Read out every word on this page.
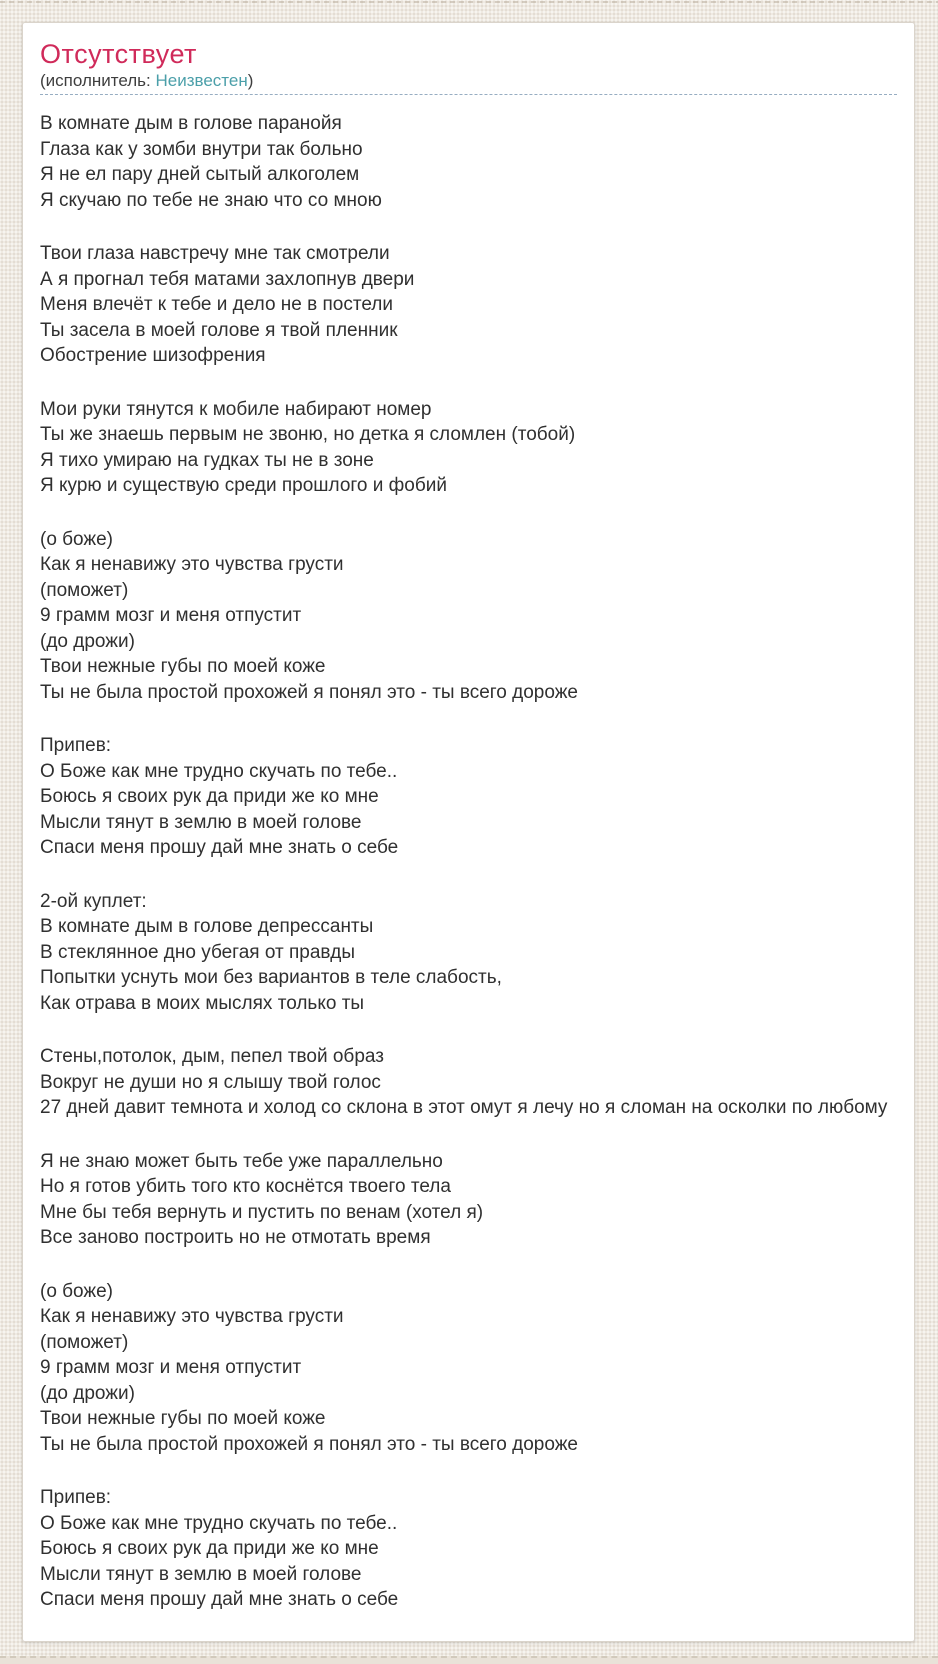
Отсутствует
(исполнитель: Неизвестен)

В комнате дым в голове паранойя
Глаза как у зомби внутри так больно
Я не ел пару дней сытый алкоголем
Я скучаю по тебе не знаю что со мною

Твои глаза навстречу мне так смотрели
А я прогнал тебя матами захлопнув двери
Меня влечёт к тебе и дело не в постели
Ты засела в моей голове я твой пленник
Обострение шизофрения

Мои руки тянутся к мобиле набирают номер
Ты же знаешь первым не звоню, но детка я сломлен (тобой)
Я тихо умираю на гудках ты не в зоне
Я курю и существую среди прошлого и фобий

(о боже)
Как я ненавижу это чувства грусти
(поможет)
9 грамм мозг и меня отпустит
(до дрожи)
Твои нежные губы по моей коже
Ты не была простой прохожей я понял это - ты всего дороже

Припев:
О Боже как мне трудно скучать по тебе..
Боюсь я своих рук да приди же ко мне
Мысли тянут в землю в моей голове
Спаси меня прошу дай мне знать о себе

2-ой куплет:
В комнате дым в голове депрессанты
В стеклянное дно убегая от правды
Попытки уснуть мои без вариантов в теле слабость,
Как отрава в моих мыслях только ты

Стены,потолок, дым, пепел твой образ
Вокруг не души но я слышу твой голос
27 дней давит темнота и холод со склона в этот омут я лечу но я сломан на осколки по любому

Я не знаю может быть тебе уже параллельно
Но я готов убить того кто коснётся твоего тела
Мне бы тебя вернуть и пустить по венам (хотел я)
Все заново построить но не отмотать время

(о боже)
Как я ненавижу это чувства грусти
(поможет)
9 грамм мозг и меня отпустит
(до дрожи)
Твои нежные губы по моей коже
Ты не была простой прохожей я понял это - ты всего дороже

Припев:
О Боже как мне трудно скучать по тебе..
Боюсь я своих рук да приди же ко мне
Мысли тянут в землю в моей голове
Спаси меня прошу дай мне знать о себе
